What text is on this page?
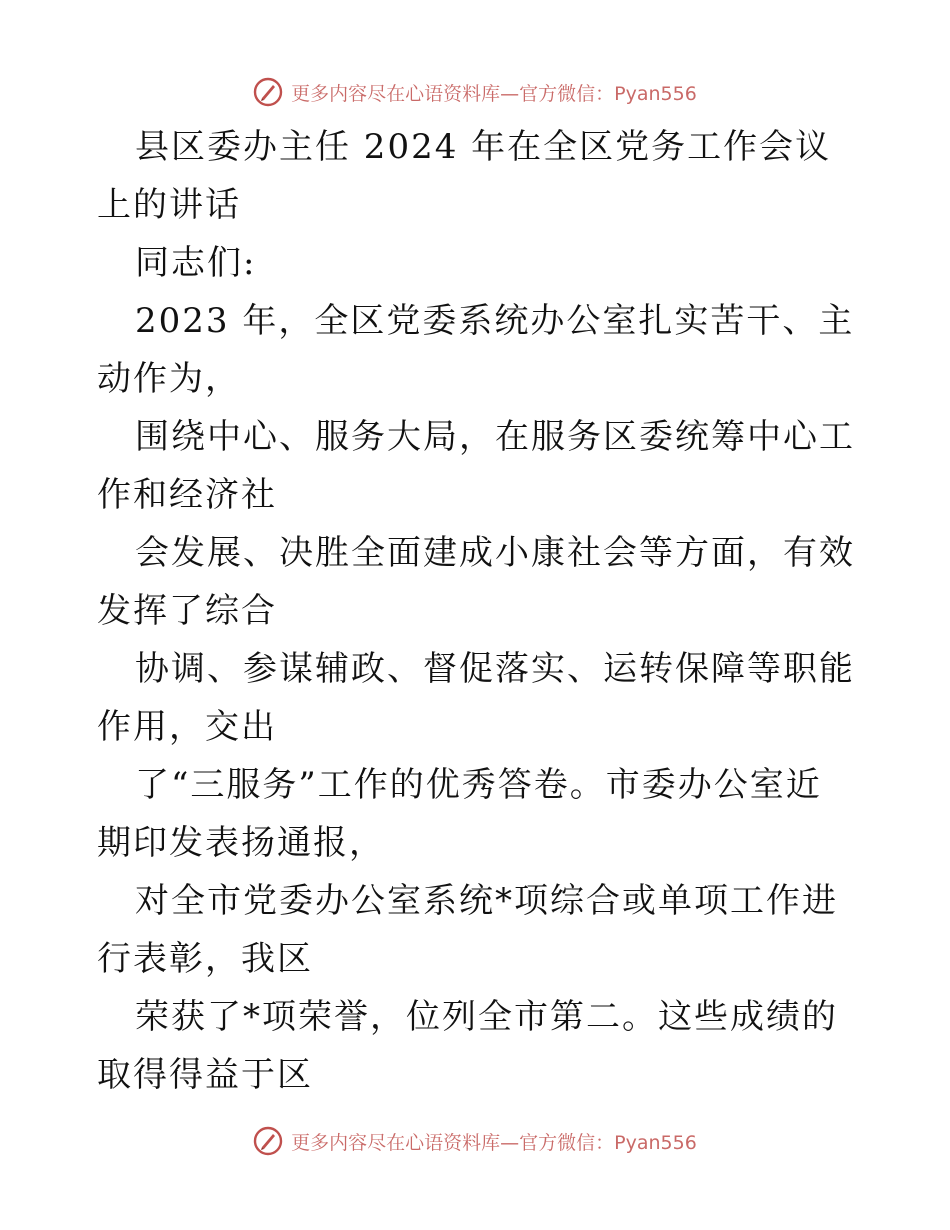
更多内容尽在心语资料库—官方微信：Pyan556

县区委办主任 2024 年在全区党务工作会议上的讲话

同志们:

2023 年，全区党委系统办公室扎实苦干、主动作为，

围绕中心、服务大局，在服务区委统筹中心工作和经济社

会发展、决胜全面建成小康社会等方面，有效发挥了综合

协调、参谋辅政、督促落实、运转保障等职能作用，交出

了“三服务”工作的优秀答卷。市委办公室近期印发表扬通报，

对全市党委办公室系统*项综合或单项工作进行表彰，我区

荣获了*项荣誉，位列全市第二。这些成绩的取得得益于区

更多内容尽在心语资料库—官方微信：Pyan556
